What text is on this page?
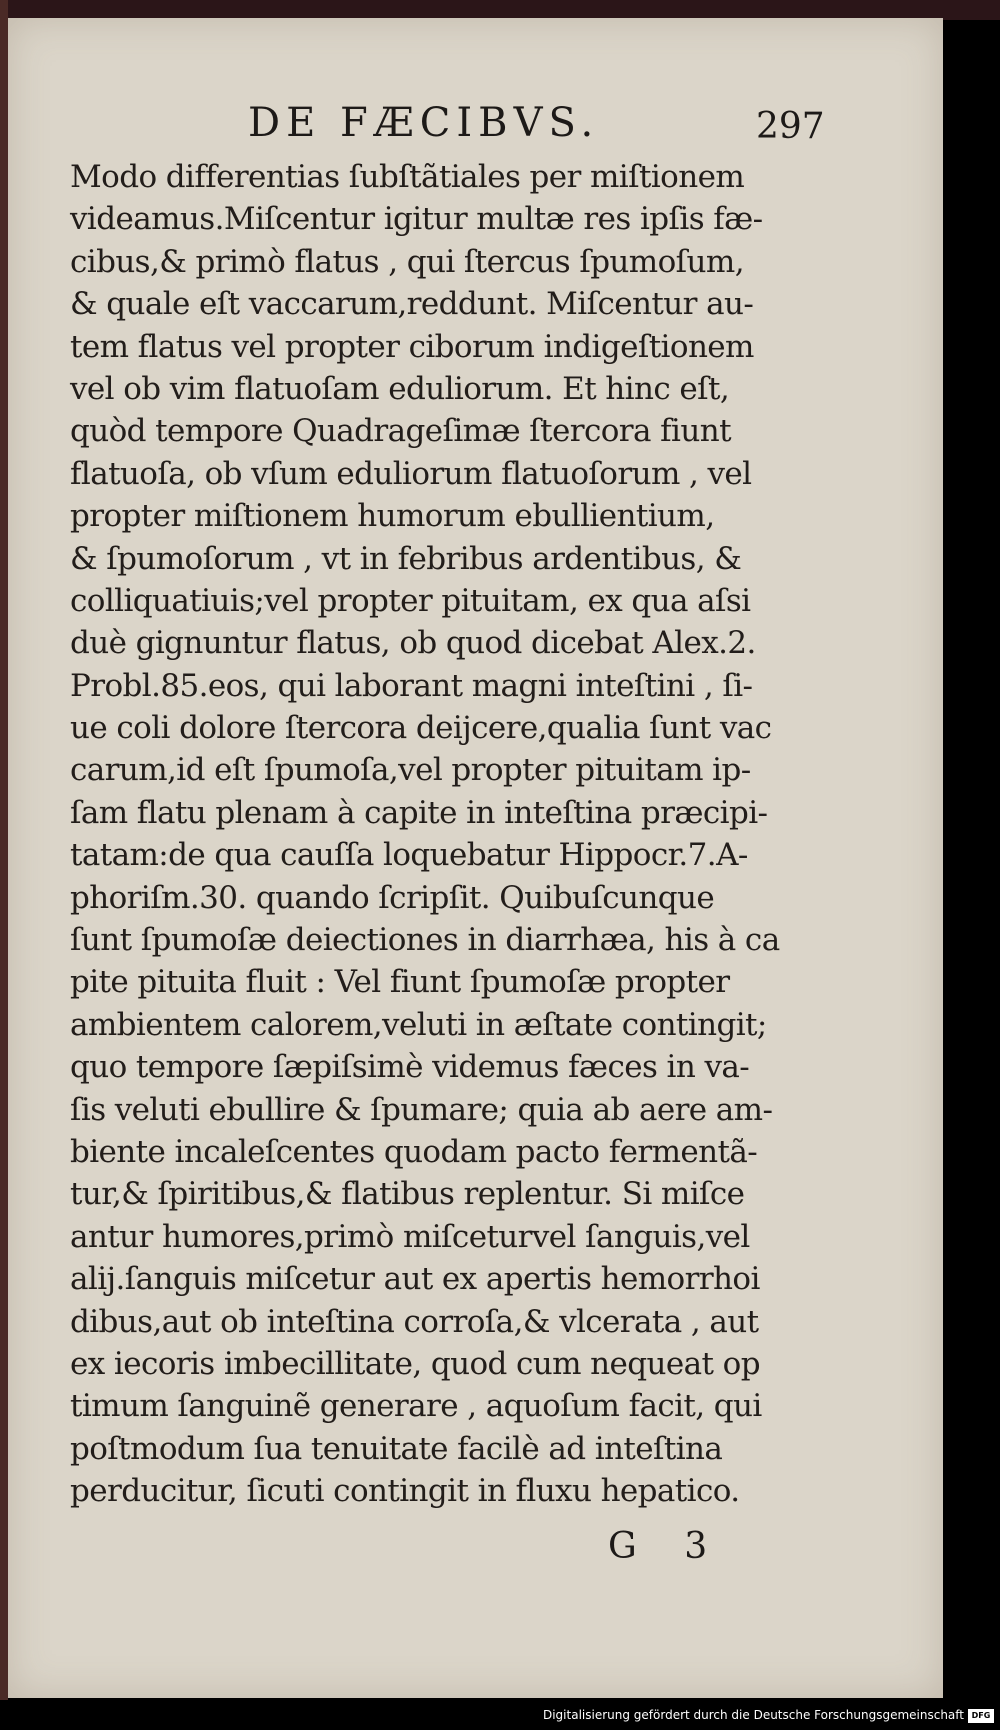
DE FÆCIBVS.	297
Modo differentias ſubſtãtiales per miſtionem
videamus.Miſcentur igitur multæ res ipſis fæ-
cibus,& primò flatus , qui ſtercus ſpumoſum,
& quale eſt vaccarum,reddunt. Miſcentur au-
tem flatus vel propter ciborum indigeſtionem
vel ob vim flatuoſam eduliorum. Et hinc eſt,
quòd tempore Quadrageſimæ ſtercora fiunt
flatuoſa, ob vſum eduliorum flatuoſorum , vel
propter miſtionem humorum ebullientium,
& ſpumoſorum , vt in febribus ardentibus, &
colliquatiuis;vel propter pituitam, ex qua aſsi
duè gignuntur flatus, ob quod dicebat Alex.2.
Probl.85.eos, qui laborant magni inteſtini , ſi-
ue coli dolore ſtercora deijcere,qualia ſunt vac
carum,id eſt ſpumoſa,vel propter pituitam ip-
ſam flatu plenam à capite in inteſtina præcipi-
tatam:de qua cauſſa loquebatur Hippocr.7.A-
phoriſm.30. quando ſcripſit. Quibuſcunque
ſunt ſpumoſæ deiectiones in diarrhæa, his à ca
pite pituita fluit : Vel fiunt ſpumoſæ propter
ambientem calorem,veluti in æſtate contingit;
quo tempore ſæpiſsimè videmus fæces in va-
ſis veluti ebullire & ſpumare; quia ab aere am-
biente incaleſcentes quodam pacto fermentã-
tur,& ſpiritibus,& flatibus replentur. Si miſce
antur humores,primò miſceturvel ſanguis,vel
alij.ſanguis miſcetur aut ex apertis hemorrhoi
dibus,aut ob inteſtina corroſa,& vlcerata , aut
ex iecoris imbecillitate, quod cum nequeat op
timum ſanguinẽ generare , aquoſum facit, qui
poſtmodum ſua tenuitate facilè ad inteſtina
perducitur, ſicuti contingit in fluxu hepatico.
G 3
Digitalisierung gefördert durch die Deutsche Forschungsgemeinschaft DFG
